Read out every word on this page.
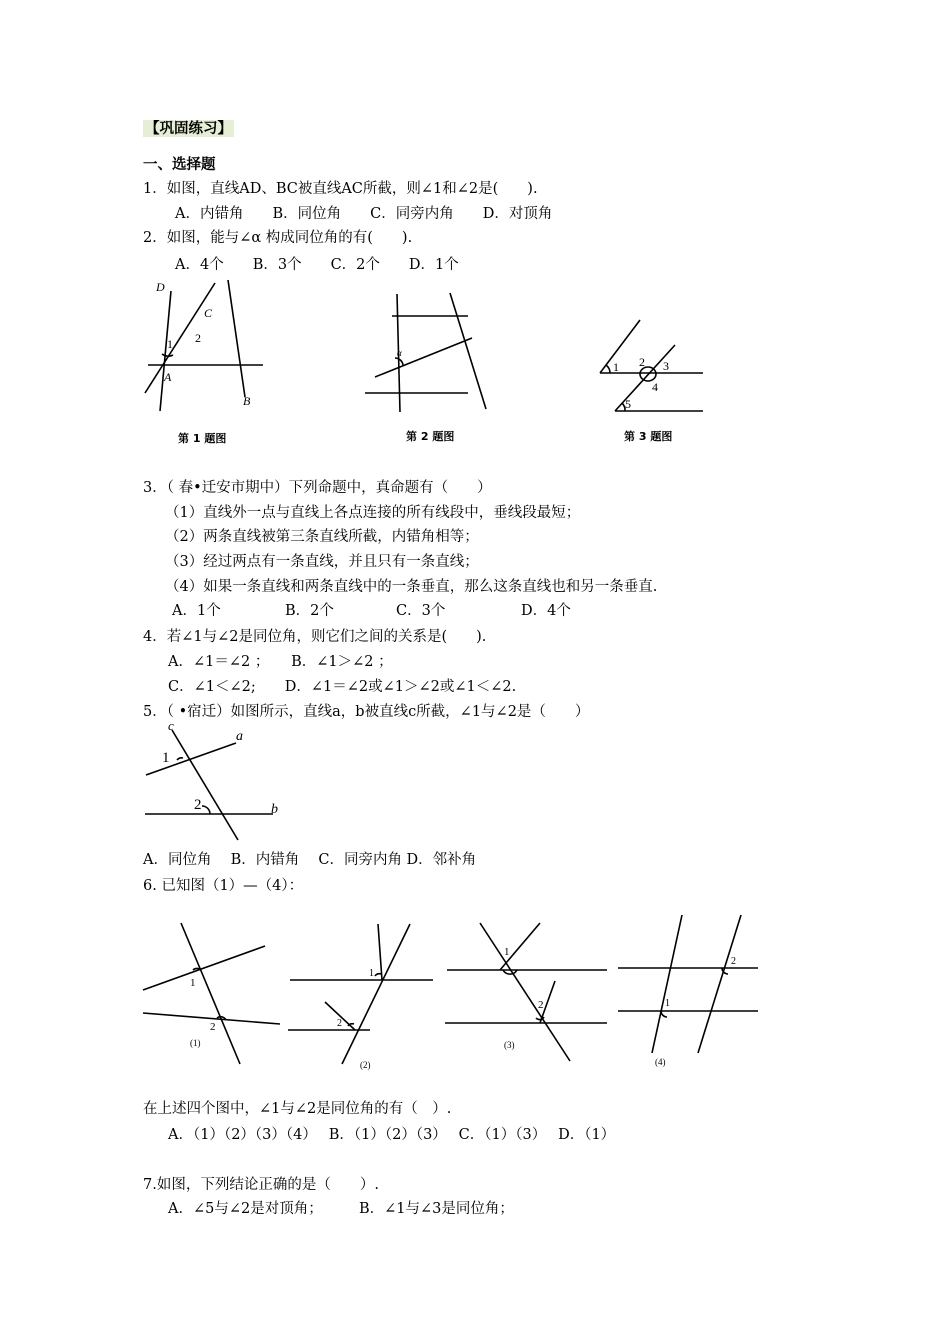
【巩固练习】
一、选择题
1．如图，直线AD、BC被直线AC所截，则∠1和∠2是(　　).
A．内错角　　B．同位角　　C．同旁内角　　D．对顶角
2．如图，能与∠α 构成同位角的有(　　).
A．4个　　B．3个　　C．2个　　D．1个
D
C
1 2
A
B
第 1 题图
α
第 2 题图
1 2 3
4
5
第 3 题图
3．（ 春•迁安市期中）下列命题中，真命题有（　　）
（1）直线外一点与直线上各点连接的所有线段中，垂线段最短；
（2）两条直线被第三条直线所截，内错角相等；
（3）经过两点有一条直线，并且只有一条直线；
（4）如果一条直线和两条直线中的一条垂直，那么这条直线也和另一条垂直.
A．1个	B．2个	C．3个	D．4个
4．若∠1与∠2是同位角，则它们之间的关系是(　　).
A．∠1＝∠2 ；　　B．∠1＞∠2 ；
C．∠1＜∠2;　　D．∠1＝∠2或∠1＞∠2或∠1＜∠2.
5．（ •宿迁）如图所示，直线a，b被直线c所截，∠1与∠2是（　　）
c
a
1
2	b
A．同位角　 B．内错角　 C．同旁内角 D．邻补角
6. 已知图（1）—（4）：
1
2
(1)
1
2
(2)
1
2
(3)
2
1
(4)
在上述四个图中，∠1与∠2是同位角的有（　）.
A．（1）（2）（3）（4）　 B．（1）（2）（3）　 C．（1）（3）　 D．（1）
7.如图，下列结论正确的是（　　）.
A．∠5与∠2是对顶角；　　　B．∠1与∠3是同位角；
